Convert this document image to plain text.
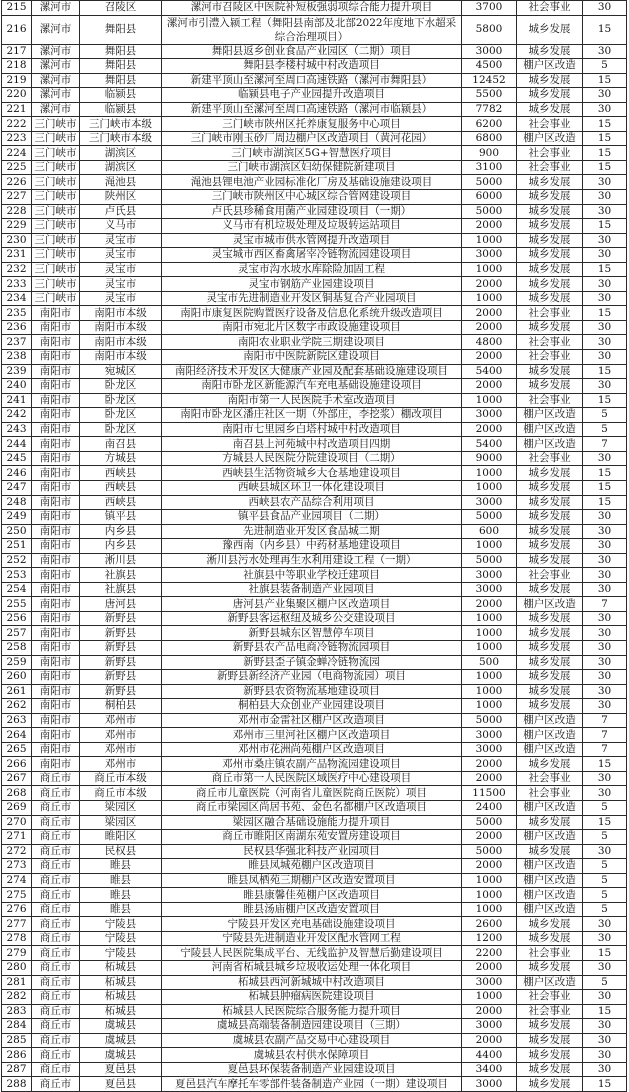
215	漯河市	召陵区	漯河市召陵区中医院补短板强弱项综合能力提升项目	3700	社会事业	30
216	漯河市	舞阳县	漯河市引澧入颍工程（舞阳县南部及北部2022年度地下水超采综合治理项目）	5800	城乡发展	15
217	漯河市	舞阳县	舞阳县返乡创业食品产业园区（二期）项目	3000	城乡发展	30
218	漯河市	舞阳县	舞阳县李楼村城中村改造项目	4500	棚户区改造	5
219	漯河市	舞阳县	新建平顶山至漯河至周口高速铁路（漯河市舞阳县）	12452	城乡发展	15
220	漯河市	临颍县	临颍县电子产业园提升改造项目	5500	城乡发展	30
221	漯河市	临颍县	新建平顶山至漯河至周口高速铁路（漯河市临颍县）	7782	城乡发展	30
222	三门峡市	三门峡市本级	三门峡市陕州区托养康复服务中心项目	6200	社会事业	15
223	三门峡市	三门峡市本级	三门峡市刚玉砂厂周边棚户区改造项目（黄河花园）	6800	棚户区改造	15
224	三门峡市	湖滨区	三门峡市湖滨区5G+智慧医疗项目	900	社会事业	15
225	三门峡市	湖滨区	三门峡市湖滨区妇幼保健院新建项目	3100	社会事业	15
226	三门峡市	渑池县	渑池县锂电池产业园标准化厂房及基础设施建设项目	5000	城乡发展	30
227	三门峡市	陕州区	三门峡市陕州区中心城区综合管网建设项目	6000	城乡发展	30
228	三门峡市	卢氏县	卢氏县珍稀食用菌产业园建设项目（一期）	5000	城乡发展	30
229	三门峡市	义马市	义马市有机垃圾处理及垃圾转运站项目	2000	城乡发展	15
230	三门峡市	灵宝市	灵宝市城市供水管网提升改造项目	1000	城乡发展	30
231	三门峡市	灵宝市	灵宝城市西区畜禽屠宰冷链物流园建设项目	3000	城乡发展	30
232	三门峡市	灵宝市	灵宝市沟水坡水库除险加固工程	1000	城乡发展	15
233	三门峡市	灵宝市	灵宝市钢筋产业园建设项目	2000	城乡发展	30
234	三门峡市	灵宝市	灵宝市先进制造业开发区铜基复合产业园项目	1000	城乡发展	30
235	南阳市	南阳市本级	南阳市康复医院购置医疗设备及信息化系统升级改造项目	2000	社会事业	15
236	南阳市	南阳市本级	南阳市宛北片区数字市政设施建设项目	2000	城乡发展	30
237	南阳市	南阳市本级	南阳农业职业学院三期建设项目	4800	社会事业	30
238	南阳市	南阳市本级	南阳市中医院新院区建设项目	2000	社会事业	30
239	南阳市	宛城区	南阳经济技术开发区大健康产业园及配套基础设施建设项目	5400	城乡发展	15
240	南阳市	卧龙区	南阳市卧龙区新能源汽车充电基础设施建设项目	2000	城乡发展	30
241	南阳市	卧龙区	南阳市第一人民医院手术室改造项目	1000	社会事业	15
242	南阳市	卧龙区	南阳市卧龙区潘庄社区一期（外部庄，李挖浆）棚改项目	3000	棚户区改造	5
243	南阳市	卧龙区	南阳市七里园乡白塔村城中村改造项目	2000	棚户区改造	5
244	南阳市	南召县	南召县上河苑城中村改造项目四期	5400	棚户区改造	7
245	南阳市	方城县	方城县人民医院分院建设项目（二期）	9000	社会事业	30
246	南阳市	西峡县	西峡县生活物资城乡大仓基地建设项目	1000	城乡发展	15
247	南阳市	西峡县	西峡县城区环卫一体化建设项目	1000	城乡发展	15
248	南阳市	西峡县	西峡县农产品综合利用项目	3000	城乡发展	15
249	南阳市	镇平县	镇平县食品产业园项目（二期）	5000	城乡发展	30
250	南阳市	内乡县	先进制造业开发区食品城二期	600	城乡发展	30
251	南阳市	内乡县	豫西南（内乡县）中药材基地建设项目	1000	城乡发展	30
252	南阳市	淅川县	淅川县污水处理再生水利用建设工程（一期）	5000	城乡发展	30
253	南阳市	社旗县	社旗县中等职业学校迁建项目	3000	社会事业	30
254	南阳市	社旗县	社旗县装备制造产业园项目	3000	城乡发展	30
255	南阳市	唐河县	唐河县产业集聚区棚户区改造项目	2000	棚户区改造	7
256	南阳市	新野县	新野县客运枢纽及城乡公交建设项目	1000	城乡发展	30
257	南阳市	新野县	新野县城东区智慧停车项目	1000	城乡发展	30
258	南阳市	新野县	新野县农产品电商冷链物流园项目	1000	城乡发展	30
259	南阳市	新野县	新野县歪子镇金蝉冷链物流园	500	城乡发展	30
260	南阳市	新野县	新野县新经济产业园（电商物流园）项目	1000	城乡发展	30
261	南阳市	新野县	新野县农资物流基地建设项目	1000	城乡发展	30
262	南阳市	桐柏县	桐柏县大众创业产业园建设项目	1000	城乡发展	30
263	南阳市	邓州市	邓州市金雷社区棚户区改造项目	5000	棚户区改造	7
264	南阳市	邓州市	邓州市三里河社区棚户区改造项目	3000	棚户区改造	7
265	南阳市	邓州市	邓州市花洲尚苑棚户区改造项目	3000	棚户区改造	7
266	南阳市	邓州市	邓州市桑庄镇农副产品物流园建设项目	2000	城乡发展	15
267	商丘市	商丘市本级	商丘市第一人民医院区域医疗中心建设项目	2000	社会事业	30
268	商丘市	商丘市本级	商丘市儿童医院（河南省儿童医院商丘医院）项目	11500	社会事业	30
269	商丘市	梁园区	商丘市梁园区尚居书苑、金色名都棚户区改造项目	2400	棚户区改造	5
270	商丘市	梁园区	梁园区融合基础设施能力提升项目	5000	城乡发展	15
271	商丘市	睢阳区	商丘市睢阳区南湖东苑安置房建设项目	2000	棚户区改造	5
272	商丘市	民权县	民权县华强北科技产业园项目	5000	城乡发展	30
273	商丘市	睢县	睢县凤城苑棚户区改造项目	2000	棚户区改造	5
274	商丘市	睢县	睢县凤栖苑三期棚户区改造安置项目	1000	棚户区改造	5
275	商丘市	睢县	睢县康馨佳苑棚户区改造项目	1000	棚户区改造	5
276	商丘市	睢县	睢县汤庙棚户区改造安置项目	1000	棚户区改造	5
277	商丘市	宁陵县	宁陵县开发区充电基础设施建设项目	2600	城乡发展	30
278	商丘市	宁陵县	宁陵县先进制造业开发区配水管网工程	1200	城乡发展	30
279	商丘市	宁陵县	宁陵县人民医院集成平台、无线监护及智慧后勤建设项目	2200	社会事业	15
280	商丘市	柘城县	河南省柘城县城乡垃圾收运处理一体化项目	2000	城乡发展	30
281	商丘市	柘城县	柘城县西河新城城中村改造项目	3000	棚户区改造	5
282	商丘市	柘城县	柘城县肿瘤病医院建设项目	1000	社会事业	30
283	商丘市	柘城县	柘城县人民医院综合服务能力提升项目	2000	社会事业	15
284	商丘市	虞城县	虞城县高端装备制造园建设项目（三期）	3000	城乡发展	30
285	商丘市	虞城县	虞城县农副产品交易中心建设项目	2000	城乡发展	30
286	商丘市	虞城县	虞城县农村供水保障项目	4400	城乡发展	30
287	商丘市	夏邑县	夏邑县环保装备制造产业园建设项目	3400	城乡发展	30
288	商丘市	夏邑县	夏邑县汽车摩托车零部件装备制造产业园（一期）建设项目	3000	城乡发展	15
